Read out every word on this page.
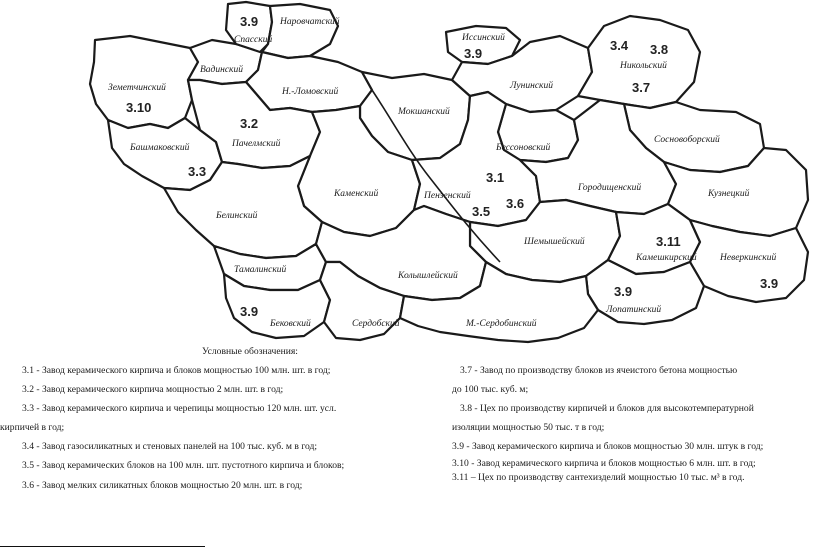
Земетчинский
Вадинский
Спасский
Наровчатский
Н.-Ломовский
Мокшанский
Иссинский
Лунинский
Никольский
Башмаковский	Пачелмский	Бессоновский
Сосновоборский
Каменский	Пензенский
Городищенский
Кузнецкий
Белинский
Шемышейский
Камешкирский Неверкинский
Тамалинский
Колышлейский
Лопатинский
Бековский	Сердобский	М.-Сердобинский
3.9
3.9
3.4 3.8
3.7
3.10
3.2
3.3	3.1
3.5
3.6
3.11
3.9
3.9
3.9
Условные обозначения:
3.1 - Завод керамического кирпича и блоков мощностью 100 млн. шт. в год;
3.2 - Завод керамического кирпича мощностью 2 млн. шт. в год;
3.3 - Завод керамического кирпича и черепицы мощностью 120 млн. шт. усл.
кирпичей в год;
3.4 - Завод газосиликатных и стеновых панелей на 100 тыс. куб. м в год;
3.5 - Завод керамических блоков на 100 млн. шт. пустотного кирпича и блоков;
3.6 - Завод мелких силикатных блоков мощностью 20 млн. шт. в год;
3.7 - Завод по производству блоков из ячеистого бетона мощностью
до 100 тыс. куб. м;
3.8 - Цех по производству кирпичей и блоков для высокотемпературной
изоляции мощностью 50 тыс. т в год;
3.9 - Завод керамического кирпича и блоков мощностью 30 млн. штук в год;
3.10 - Завод керамического кирпича и блоков мощностью 6 млн. шт. в год;
3.11 – Цех по производству сантехизделий мощностью 10 тыс. м³ в год.
